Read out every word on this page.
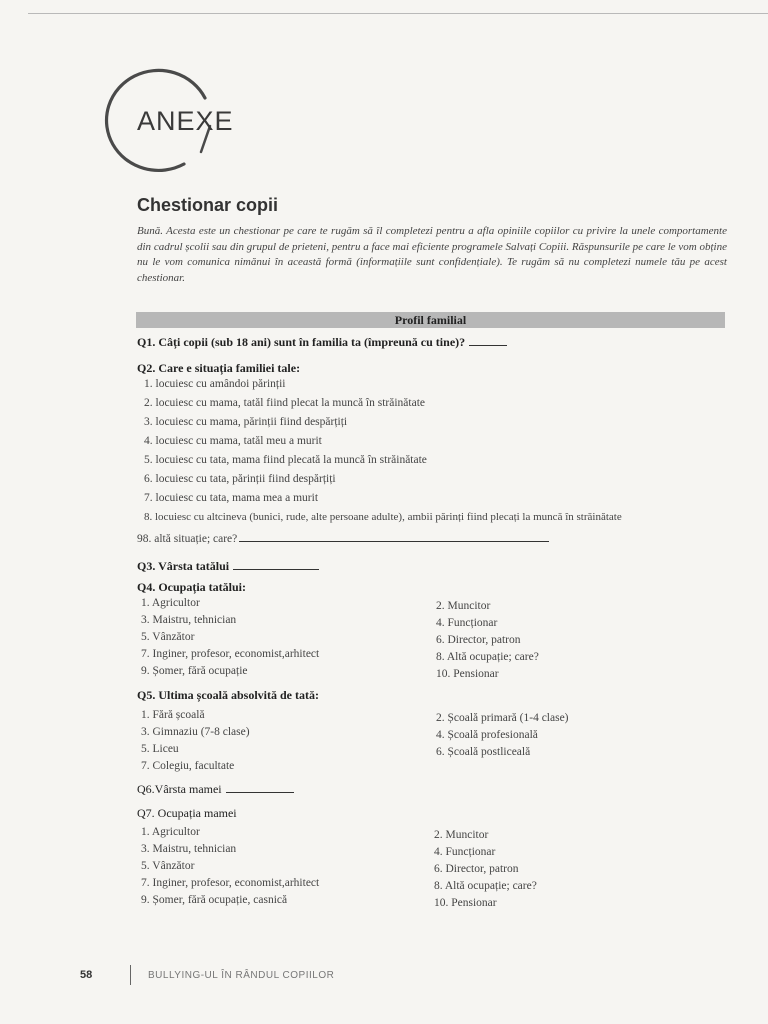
ANEXE
Chestionar copii
Bună. Acesta este un chestionar pe care te rugăm să îl completezi pentru a afla opiniile copiilor cu privire la unele comportamente din cadrul școlii sau din grupul de prieteni, pentru a face mai eficiente programele Salvați Copiii. Răspunsurile pe care le vom obține nu le vom comunica nimănui în această formă (informațiile sunt confidențiale). Te rugăm să nu completezi numele tău pe acest chestionar.
Profil familial
Q1. Câți copii (sub 18 ani) sunt în familia ta (împreună cu tine)?
Q2. Care e situația familiei tale:
1. locuiesc cu amândoi părinții
2. locuiesc cu mama, tatăl fiind plecat la muncă în străinătate
3. locuiesc cu mama, părinții fiind despărțiți
4. locuiesc cu mama, tatăl meu a murit
5. locuiesc cu tata, mama fiind plecată la muncă în străinătate
6. locuiesc cu tata, părinții fiind despărțiți
7. locuiesc cu tata, mama mea a murit
8. locuiesc cu altcineva (bunici, rude, alte persoane adulte), ambii părinți fiind plecați la muncă în străinătate
98. altă situație; care?
Q3. Vârsta tatălui
Q4. Ocupația tatălui:
1. Agricultor
3. Maistru, tehnician
5. Vânzător
7. Inginer, profesor, economist,arhitect
9. Șomer, fără ocupație
2. Muncitor
4. Funcționar
6. Director, patron
8. Altă ocupație; care?
10. Pensionar
Q5. Ultima școală absolvită de tată:
1. Fără școală
3. Gimnaziu (7-8 clase)
5. Liceu
7. Colegiu, facultate
2. Școală primară (1-4 clase)
4. Școală profesională
6. Școală postliceală
Q6.Vârsta mamei
Q7. Ocupația mamei
1. Agricultor
3. Maistru, tehnician
5. Vânzător
7. Inginer, profesor, economist,arhitect
9. Șomer, fără ocupație, casnică
2. Muncitor
4. Funcționar
6. Director, patron
8. Altă ocupație; care?
10. Pensionar
58	BULLYING-UL ÎN RÂNDUL COPIILOR
